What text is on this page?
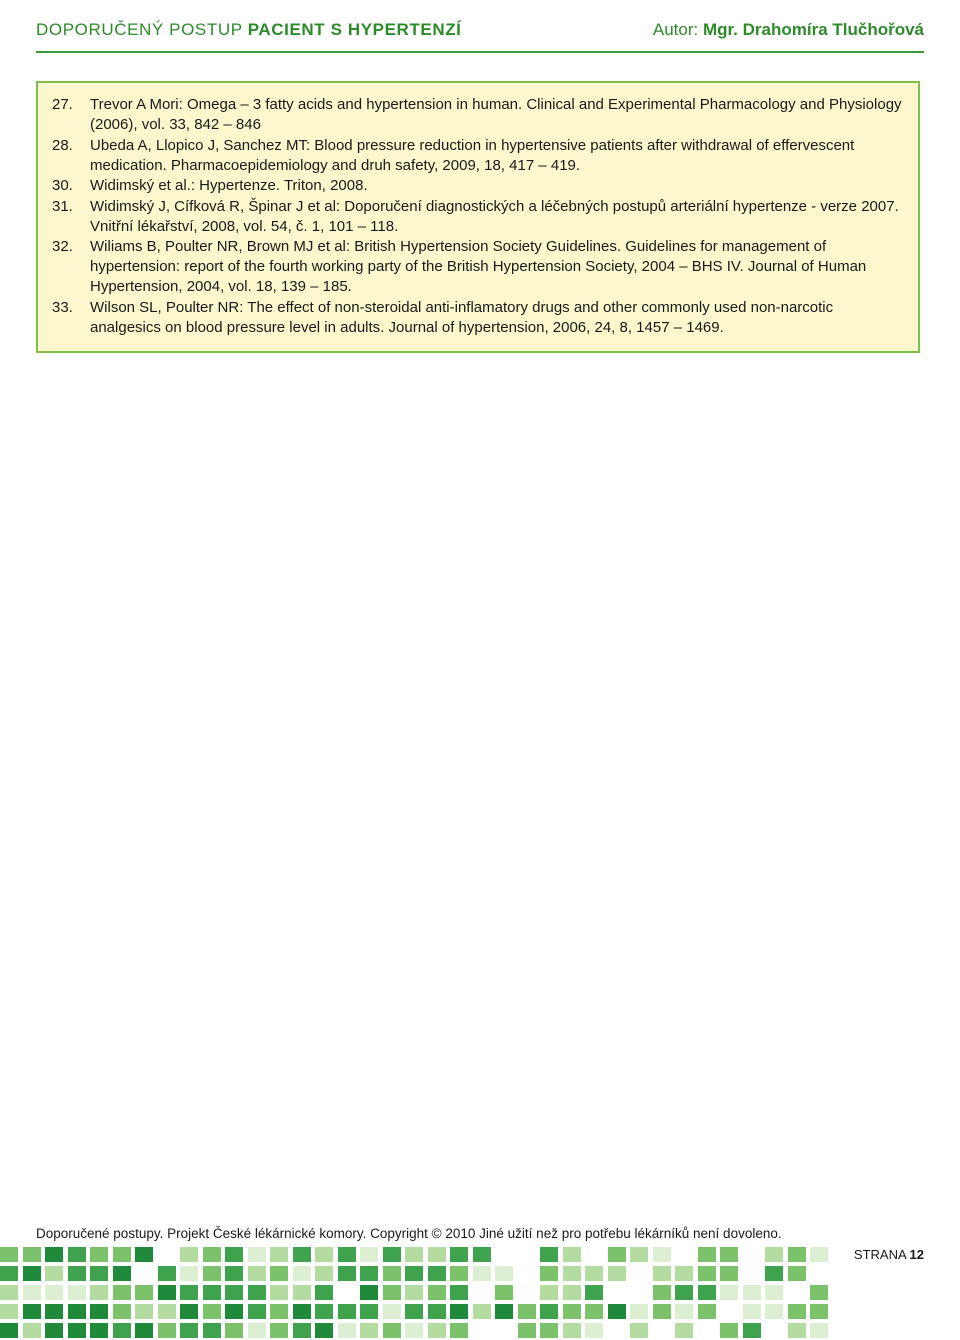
DOPORUČENÝ POSTUP PACIENT S HYPERTENZÍ	Autor: Mgr. Drahomíra Tlučhořová
27. Trevor A Mori: Omega – 3 fatty acids and hypertension in human. Clinical and Experimental Pharmacology and Physiology (2006), vol. 33, 842 – 846
28. Ubeda A, Llopico J, Sanchez MT: Blood pressure reduction in hypertensive patients after withdrawal of effervescent medication. Pharmacoepidemiology and druh safety, 2009, 18, 417 – 419.
30. Widimský et al.: Hypertenze. Triton, 2008.
31. Widimský J, Cífková R, Špinar J et al: Doporučení diagnostických a léčebných postupů arteriální hypertenze - verze 2007. Vnitřní lékařství, 2008, vol. 54, č. 1, 101 – 118.
32. Wiliams B, Poulter NR, Brown MJ et al: British Hypertension Society Guidelines. Guidelines for management of hypertension: report of the fourth working party of the British Hypertension Society, 2004 – BHS IV. Journal of Human Hypertension, 2004, vol. 18, 139 – 185.
33. Wilson SL, Poulter NR: The effect of non-steroidal anti-inflamatory drugs and other commonly used non-narcotic analgesics on blood pressure level in adults. Journal of hypertension, 2006, 24, 8, 1457 – 1469.
Doporučené postupy. Projekt České lékárnické komory. Copyright © 2010 Jiné užití než pro potřebu lékárníků není dovoleno.
STRANA 12
